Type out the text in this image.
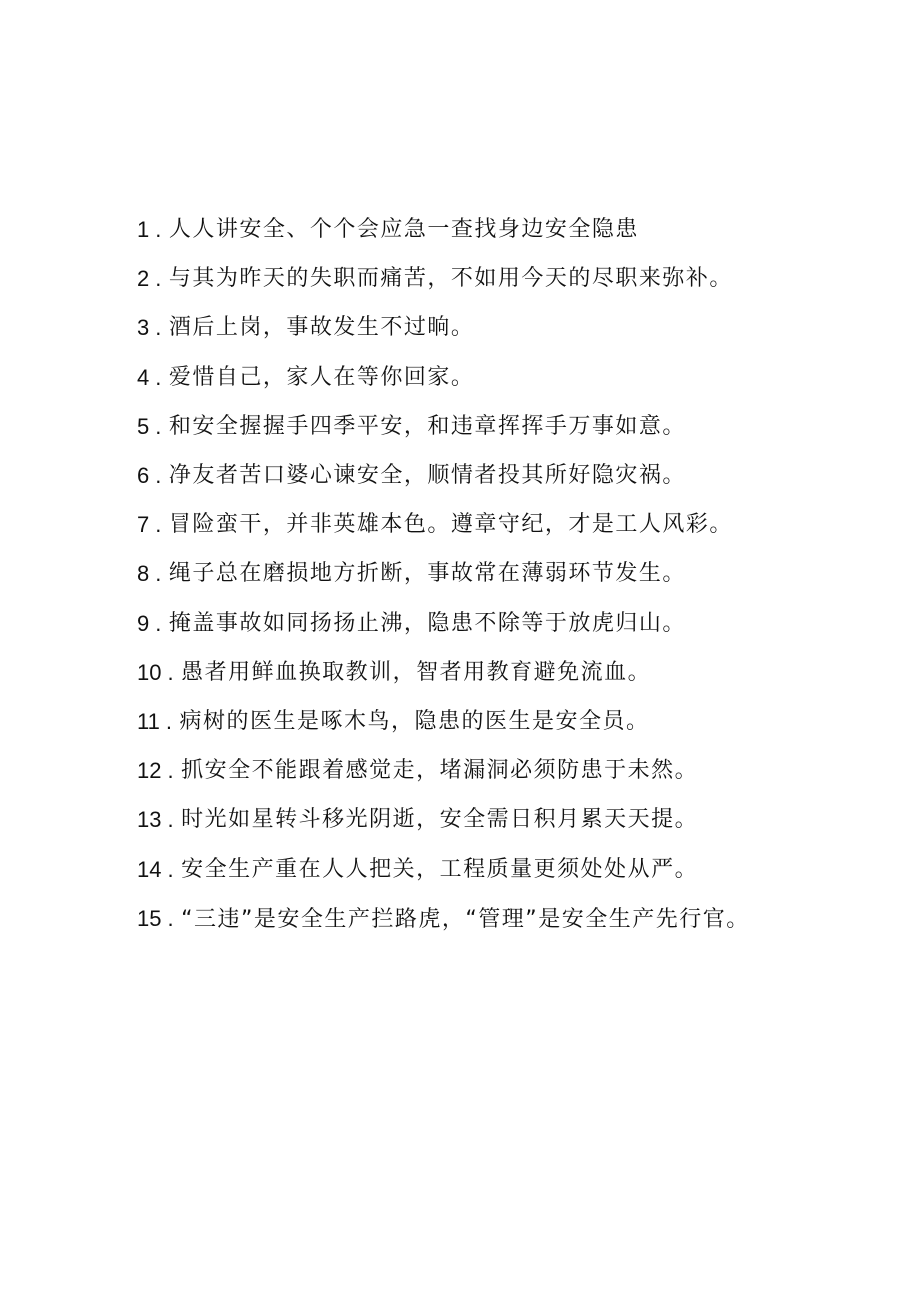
1 . 人人讲安全、个个会应急一查找身边安全隐患
2 . 与其为昨天的失职而痛苦，不如用今天的尽职来弥补。
3 . 酒后上岗，事故发生不过晌。
4 . 爱惜自己，家人在等你回家。
5 . 和安全握握手四季平安，和违章挥挥手万事如意。
6 . 净友者苦口婆心谏安全，顺情者投其所好隐灾祸。
7 . 冒险蛮干，并非英雄本色。遵章守纪，才是工人风彩。
8 . 绳子总在磨损地方折断，事故常在薄弱环节发生。
9 . 掩盖事故如同扬扬止沸，隐患不除等于放虎归山。
10 . 愚者用鲜血换取教训，智者用教育避免流血。
11 . 病树的医生是啄木鸟，隐患的医生是安全员。
12 . 抓安全不能跟着感觉走，堵漏洞必须防患于未然。
13 . 时光如星转斗移光阴逝，安全需日积月累天天提。
14 . 安全生产重在人人把关，工程质量更须处处从严。
15 . “三违”是安全生产拦路虎，“管理”是安全生产先行官。
